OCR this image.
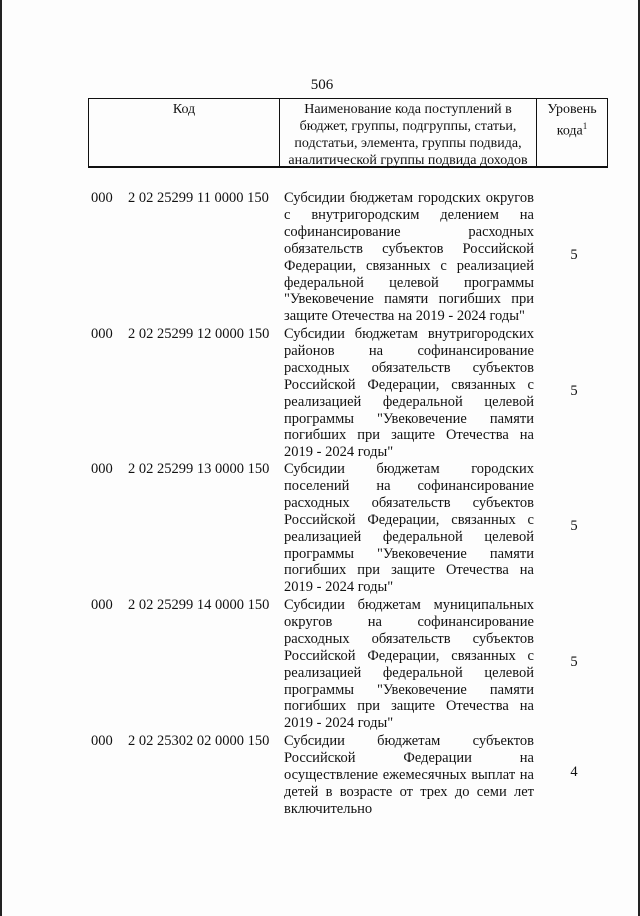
506
Код	Наименование кода поступлений в бюджет, группы, подгруппы, статьи, подстатьи, элемента, группы подвида, аналитической группы подвида доходов
Уровень кода$^1$
000 2 02 25299 11 0000 150 Субсидии бюджетам городских округов с внутригородским делением на софинансирование расходных обязательств субъектов Российской Федерации, связанных с реализацией федеральной целевой программы "Увековечение памяти погибших при защите Отечества на 2019 - 2024 годы"
5
000 2 02 25299 12 0000 150 Субсидии бюджетам внутригородских районов на софинансирование расходных обязательств субъектов Российской Федерации, связанных с реализацией федеральной целевой программы "Увековечение памяти погибших при защите Отечества на 2019 - 2024 годы"
5
000 2 02 25299 13 0000 150 Субсидии бюджетам городских поселений на софинансирование расходных обязательств субъектов Российской Федерации, связанных с реализацией федеральной целевой программы "Увековечение памяти погибших при защите Отечества на 2019 - 2024 годы"
5
000 2 02 25299 14 0000 150 Субсидии бюджетам муниципальных округов на софинансирование расходных обязательств субъектов Российской Федерации, связанных с реализацией федеральной целевой программы "Увековечение памяти погибших при защите Отечества на 2019 - 2024 годы"
5
000 2 02 25302 02 0000 150 Субсидии бюджетам субъектов Российской Федерации на осуществление ежемесячных выплат на детей в возрасте от трех до семи лет включительно
4
